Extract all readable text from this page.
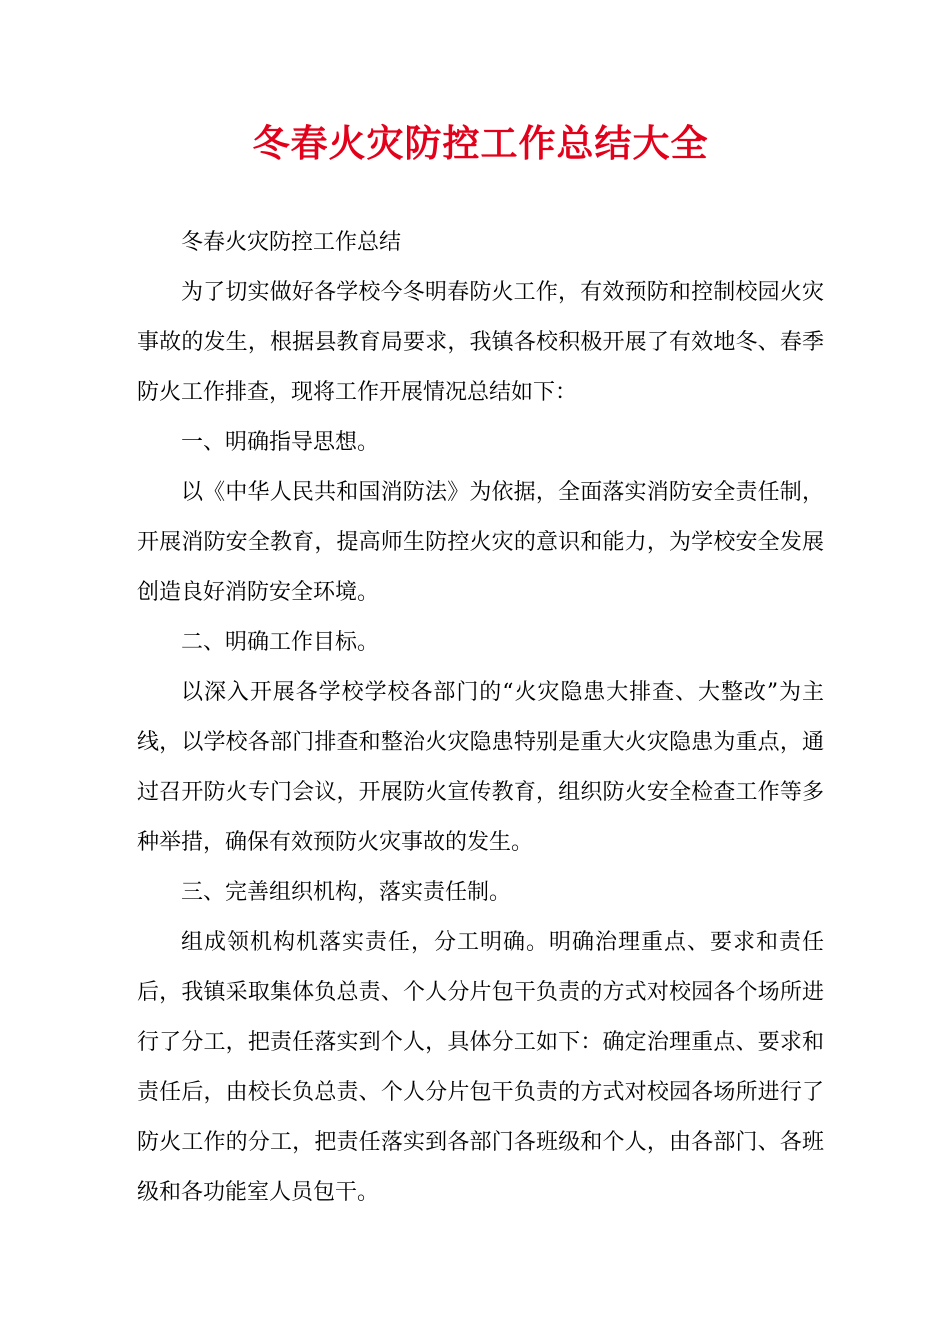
冬春火灾防控工作总结大全

冬春火灾防控工作总结

为了切实做好各学校今冬明春防火工作，有效预防和控制校园火灾事故的发生，根据县教育局要求，我镇各校积极开展了有效地冬、春季防火工作排查，现将工作开展情况总结如下：

一、明确指导思想。

以《中华人民共和国消防法》为依据，全面落实消防安全责任制，开展消防安全教育，提高师生防控火灾的意识和能力，为学校安全发展创造良好消防安全环境。

二、明确工作目标。

以深入开展各学校学校各部门的“火灾隐患大排查、大整改”为主线，以学校各部门排查和整治火灾隐患特别是重大火灾隐患为重点，通过召开防火专门会议，开展防火宣传教育，组织防火安全检查工作等多种举措，确保有效预防火灾事故的发生。

三、完善组织机构，落实责任制。

组成领机构机落实责任，分工明确。明确治理重点、要求和责任后，我镇采取集体负总责、个人分片包干负责的方式对校园各个场所进行了分工，把责任落实到个人，具体分工如下：确定治理重点、要求和责任后，由校长负总责、个人分片包干负责的方式对校园各场所进行了防火工作的分工，把责任落实到各部门各班级和个人，由各部门、各班级和各功能室人员包干。
